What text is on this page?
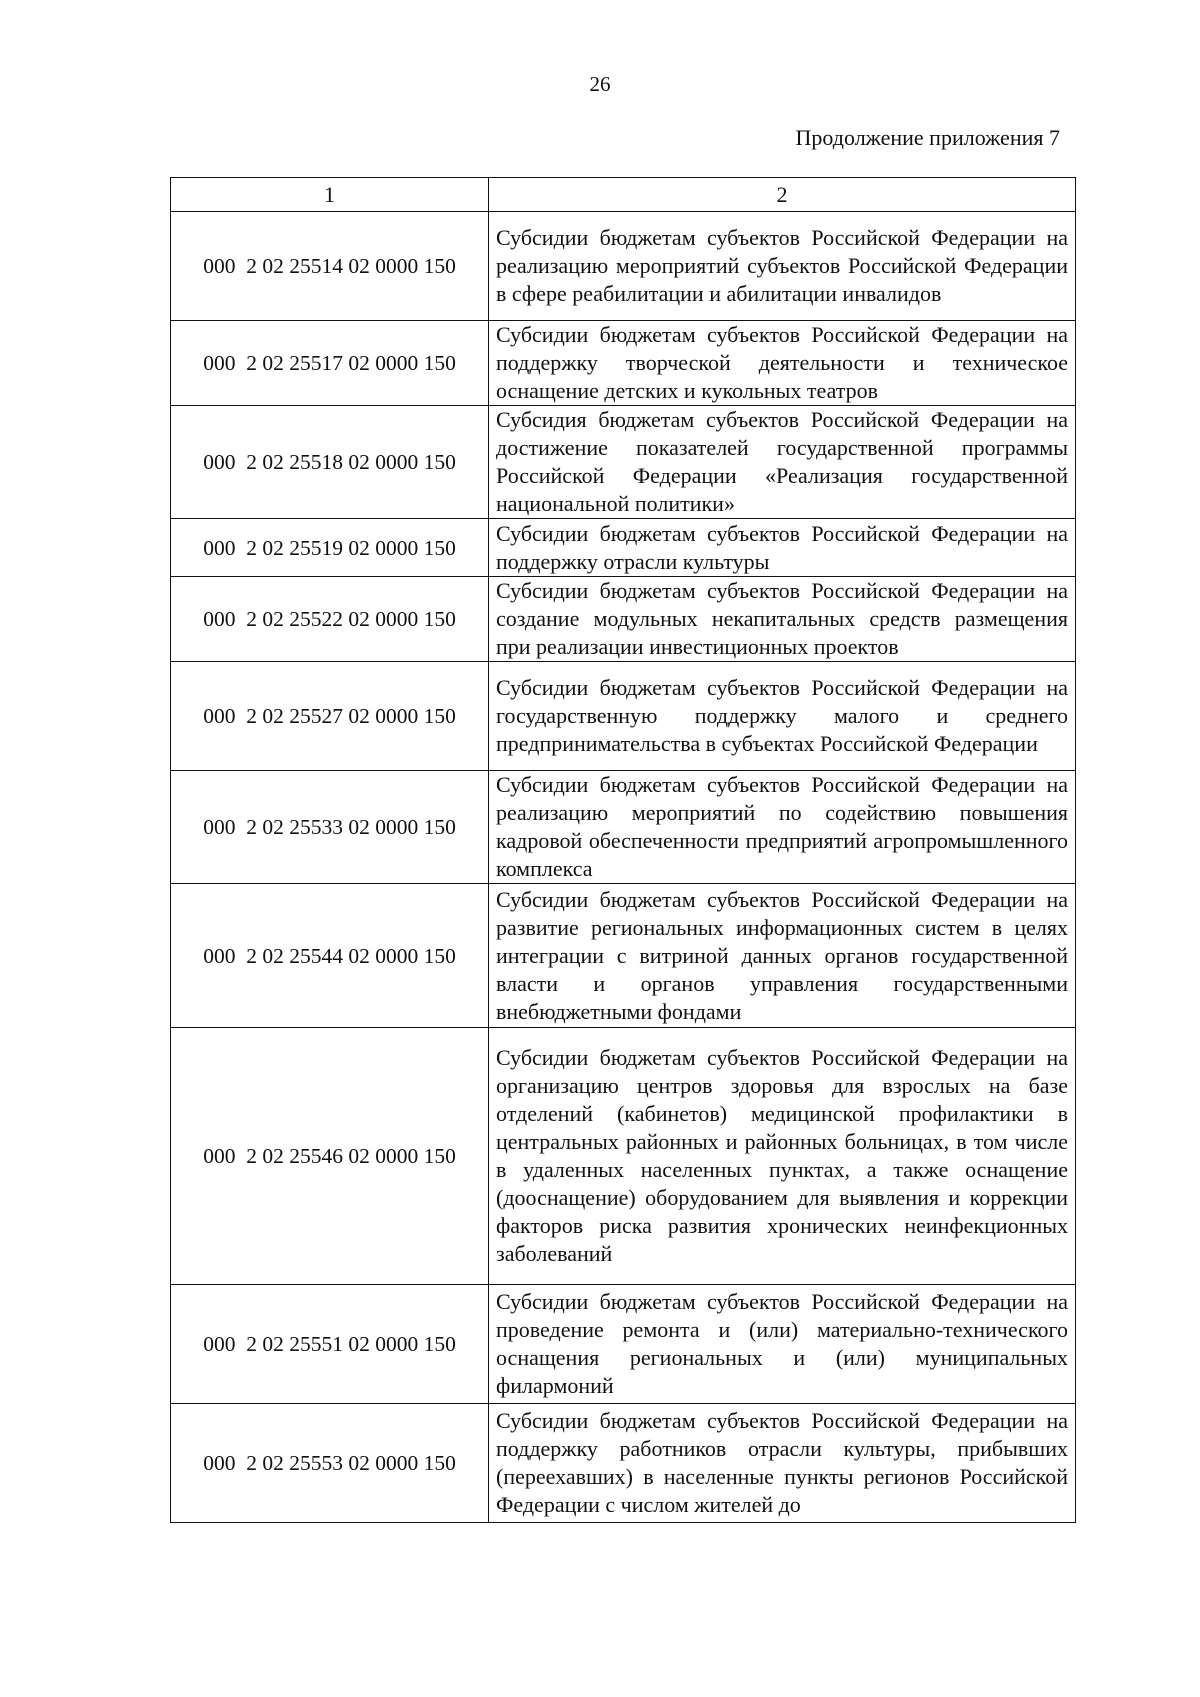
26
Продолжение приложения 7
1	2
000  2 02 25514 02 0000 150	Субсидии бюджетам субъектов Российской Федерации на реализацию мероприятий субъектов Российской Федерации в сфере реабилитации и абилитации инвалидов
000  2 02 25517 02 0000 150	Субсидии бюджетам субъектов Российской Федерации на поддержку творческой деятельности и техническое оснащение детских и кукольных театров
000  2 02 25518 02 0000 150	Субсидия бюджетам субъектов Российской Федерации на достижение показателей государственной программы Российской Федерации «Реализация государственной национальной политики»
000  2 02 25519 02 0000 150	Субсидии бюджетам субъектов Российской Федерации на поддержку отрасли культуры
000  2 02 25522 02 0000 150	Субсидии бюджетам субъектов Российской Федерации на создание модульных некапитальных средств размещения при реализации инвестиционных проектов
000  2 02 25527 02 0000 150	Субсидии бюджетам субъектов Российской Федерации на государственную поддержку малого и среднего предпринимательства в субъектах Российской Федерации
000  2 02 25533 02 0000 150	Субсидии бюджетам субъектов Российской Федерации на реализацию мероприятий по содействию повышения кадровой обеспеченности предприятий агропромышленного комплекса
000  2 02 25544 02 0000 150	Субсидии бюджетам субъектов Российской Федерации на развитие региональных информационных систем в целях интеграции с витриной данных органов государственной власти и органов управления государственными внебюджетными фондами
000  2 02 25546 02 0000 150	Субсидии бюджетам субъектов Российской Федерации на организацию центров здоровья для взрослых на базе отделений (кабинетов) медицинской профилактики в центральных районных и районных больницах, в том числе в удаленных населенных пунктах, а также оснащение (дооснащение) оборудованием для выявления и коррекции факторов риска развития хронических неинфекционных заболеваний
000  2 02 25551 02 0000 150	Субсидии бюджетам субъектов Российской Федерации на проведение ремонта и (или) материально-технического оснащения региональных и (или) муниципальных филармоний
000  2 02 25553 02 0000 150	Субсидии бюджетам субъектов Российской Федерации на поддержку работников отрасли культуры, прибывших (переехавших) в населенные пункты регионов Российской Федерации с числом жителей до
